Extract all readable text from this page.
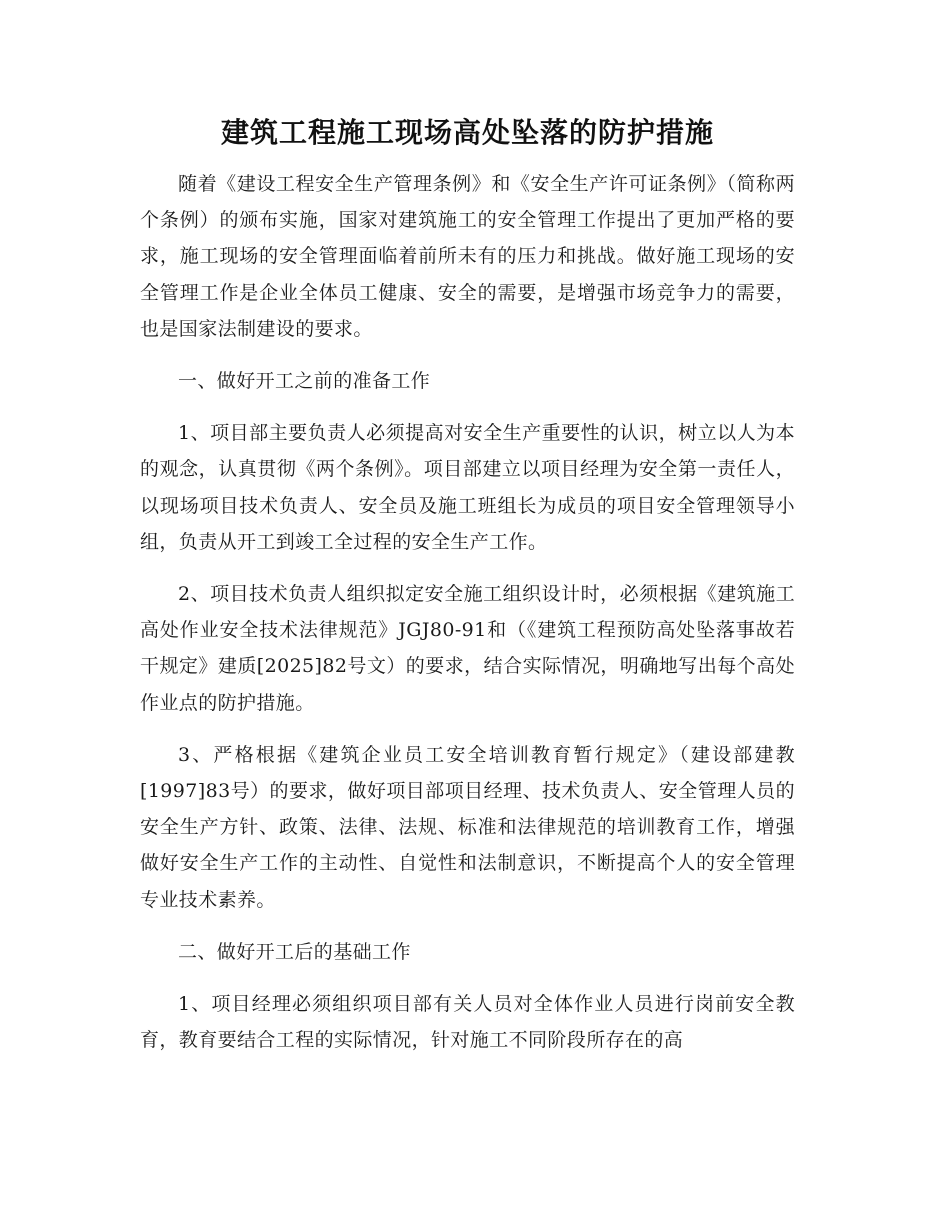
建筑工程施工现场高处坠落的防护措施

随着《建设工程安全生产管理条例》和《安全生产许可证条例》（简称两个条例）的颁布实施，国家对建筑施工的安全管理工作提出了更加严格的要求，施工现场的安全管理面临着前所未有的压力和挑战。做好施工现场的安全管理工作是企业全体员工健康、安全的需要，是增强市场竞争力的需要，也是国家法制建设的要求。

一、做好开工之前的准备工作

1、项目部主要负责人必须提高对安全生产重要性的认识，树立以人为本的观念，认真贯彻《两个条例》。项目部建立以项目经理为安全第一责任人，以现场项目技术负责人、安全员及施工班组长为成员的项目安全管理领导小组，负责从开工到竣工全过程的安全生产工作。

2、项目技术负责人组织拟定安全施工组织设计时，必须根据《建筑施工高处作业安全技术法律规范》JGJ80-91和（《建筑工程预防高处坠落事故若干规定》建质[2025]82号文）的要求，结合实际情况，明确地写出每个高处作业点的防护措施。

3、严格根据《建筑企业员工安全培训教育暂行规定》（建设部建教[1997]83号）的要求，做好项目部项目经理、技术负责人、安全管理人员的安全生产方针、政策、法律、法规、标准和法律规范的培训教育工作，增强做好安全生产工作的主动性、自觉性和法制意识，不断提高个人的安全管理专业技术素养。

二、做好开工后的基础工作

1、项目经理必须组织项目部有关人员对全体作业人员进行岗前安全教育，教育要结合工程的实际情况，针对施工不同阶段所存在的高
